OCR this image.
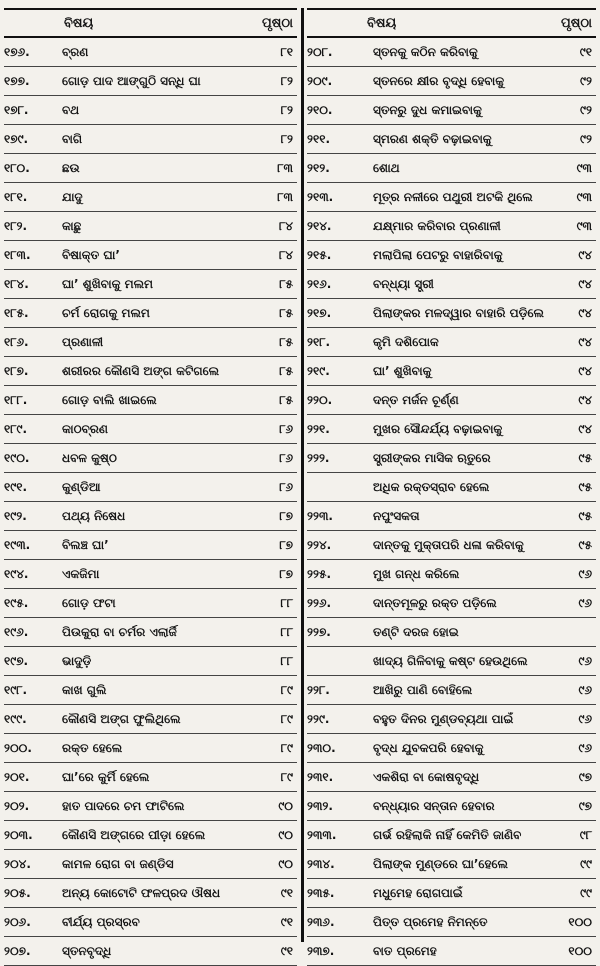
ବିଷୟ	ପୃଷ୍ଠା
୧୭୬.	ବ୍ରଣ	୮୧
୧୭୭.	ଗୋଡ଼ ପାଦ ଆଙ୍ଗୁଠି ସନ୍ଧି ଘା	୮୨
୧୭୮.	ବଥ	୮୨
୧୭୯.	ବାଗି	୮୨
୧୮୦.	ଛଉ	୮୩
୧୮୧.	ଯାଦୁ	୮୩
୧୮୨.	କାଛୁ	୮୪
୧୮୩.	ବିଷାକ୍ତ ଘା’	୮୪
୧୮୪.	ଘା’ ଶୁଖିବାକୁ ମଲମ	୮୫
୧୮୫.	ଚର୍ମ ରୋଗକୁ ମଲମ	୮୫
୧୮୬.	ପ୍ରଣାଳୀ	୮୫
୧୮୭.	ଶରୀରର କୌଣସି ଅଙ୍ଗ କଟିଗଲେ	୮୫
୧୮୮.	ଗୋଡ଼ ବାଲି ଖାଇଲେ	୮୫
୧୮୯.	କାଠବ୍ରଣ	୮୬
୧୯୦.	ଧବଳ କୁଷ୍ଠ	୮୬
୧୯୧.	କୁଣ୍ଡିଆ	୮୬
୧୯୨.	ପଥ୍ୟ ନିଷେଧ	୮୭
୧୯୩.	ବିଲଞ୍ଚ ଘା’	୮୭
୧୯୪.	ଏକଜିମା	୮୭
୧୯୫.	ଗୋଡ଼ ଫଟା	୮୮
୧୯୬.	ପିଉକୁରା ବା ଚର୍ମର ଏଲାର୍ଜି	୮୮
୧୯୭.	ଭାଦୁଡ଼ି	୮୮
୧୯୮.	କାଖ ଗୁଲି	୮୯
୧୯୯.	କୌଣସି ଅଙ୍ଗ ଫୁଲିଥିଲେ	୮୯
୨୦୦.	ରକ୍ତ ହେଲେ	୮୯
୨୦୧.	ଘା’ରେ କୁର୍ମି ହେଲେ	୮୯
୨୦୨.	ହାତ ପାଦରେ ଚମ ଫାଟିଲେ	୯୦
୨୦୩.	କୌଣସି ଅଙ୍ଗରେ ପୀଡ଼ା ହେଲେ	୯୦
୨୦୪.	କାମଳ ରୋଗ ବା ଜଣ୍ଡିସ	୯୦
୨୦୫.	ଅନ୍ୟ କୋଟୋଟି ଫଳପ୍ରଦ ଔଷଧ	୯୧
୨୦୬.	ବୀର୍ଯ୍ୟ ପ୍ରସ୍ରବ	୯୧
୨୦୭.	ସ୍ତନବୃଦ୍ଧି	୯୧
ବିଷୟ	ପୃଷ୍ଠା
୨୦୮.	ସ୍ତନକୁ କଠିନ କରିବାକୁ	୯୧
୨୦୯.	ସ୍ତନରେ କ୍ଷୀର ବୃଦ୍ଧି ହେବାକୁ	୯୨
୨୧୦.	ସ୍ତନରୁ ଦୁଧ କମାଇବାକୁ	୯୨
୨୧୧.	ସ୍ମରଣ ଶକ୍ତି ବଢ଼ାଇବାକୁ	୯୨
୨୧୨.	ଶୋଥ	୯୩
୨୧୩.	ମୂତ୍ର ନଳୀରେ ପଥୁରୀ ଅଟକି ଥିଲେ	୯୩
୨୧୪.	ଯକ୍ଷ୍ମାର କରିବାର ପ୍ରଣାଳୀ	୯୩
୨୧୫.	ମଲାପିଲା ପେଟରୁ ବାହାରିବାକୁ	୯୪
୨୧୬.	ବନ୍ଧ୍ୟା ସ୍ତ୍ରୀ	୯୪
୨୧୭.	ପିଲାଙ୍କର ମଳଦ୍ୱାର ବାହାରି ପଡ଼ିଲେ	୯୪
୨୧୮.	କୃମି ଦଶିପୋକ	୯୪
୨୧୯.	ଘା’ ଶୁଖିବାକୁ	୯୪
୨୨୦.	ଦନ୍ତ ମର୍ଜନ ଚୂର୍ଣ୍ଣ	୯୪
୨୨୧.	ମୁଖର ସୌନ୍ଦର୍ଯ୍ୟ ବଢ଼ାଇବାକୁ	୯୪
୨୨୨.	ସ୍ତ୍ରୀଙ୍କର ମାସିକ ଋତୁରେ	୯୫
ଅଧିକ ରକ୍ତସ୍ରାବ ହେଲେ	୯୫
୨୨୩.	ନପୁଂସକତା	୯୫
୨୨୪.	ଦାନ୍ତକୁ ମୁକ୍ତାପରି ଧଳା କରିବାକୁ	୯୫
୨୨୫.	ମୁଖ ଗନ୍ଧ କରିଲେ	୯୬
୨୨୬.	ଦାନ୍ତମୂଳରୁ ରକ୍ତ ପଡ଼ିଲେ	୯୬
୨୨୭.	ତଣ୍ଟି ଦରଜ ହୋଇ
ଖାଦ୍ୟ ଗିଳିବାକୁ କଷ୍ଟ ହେଉଥିଲେ	୯୬
୨୨୮.	ଆଖିରୁ ପାଣି ବୋହିଲେ	୯୬
୨୨୯.	ବହୁତ ଦିନର ମୁଣ୍ଡବ୍ୟଥା ପାଇଁ	୯୬
୨୩୦.	ବୃଦ୍ଧ ଯୁବକପରି ହେବାକୁ	୯୬
୨୩୧.	ଏକଶିରା ବା କୋଷବୃଦ୍ଧି	୯୭
୨୩୨.	ବନ୍ଧ୍ୟାର ସନ୍ତାନ ହେବାର	୯୭
୨୩୩.	ଗର୍ଭ ରହିଲାକି ନାହିଁ କେମିତି ଜାଣିବ	୯୮
୨୩୪.	ପିଲାଙ୍କ ମୁଣ୍ଡରେ ଘା’ହେଲେ	୯୯
୨୩୫.	ମଧୁମେହ ରୋଗପାଇଁ	୯୯
୨୩୬.	ପିତ୍ତ ପ୍ରମେହ ନିମନ୍ତେ	୧୦୦
୨୩୭.	ବାତ ପ୍ରମେହ	୧୦୦
